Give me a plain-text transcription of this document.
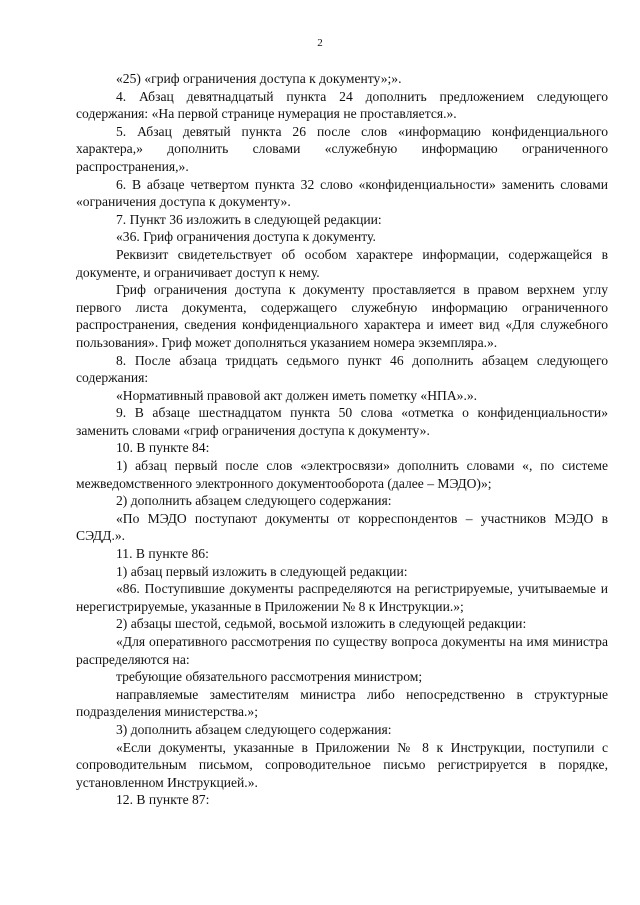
2

«25) «гриф ограничения доступа к документу»;».

4. Абзац девятнадцатый пункта 24 дополнить предложением следующего содержания: «На первой странице нумерация не проставляется.».

5. Абзац девятый пункта 26 после слов «информацию конфиденциального характера,» дополнить словами «служебную информацию ограниченного распространения,».

6. В абзаце четвертом пункта 32 слово «конфиденциальности» заменить словами «ограничения доступа к документу».

7. Пункт 36 изложить в следующей редакции:

«36. Гриф ограничения доступа к документу.

Реквизит свидетельствует об особом характере информации, содержащейся в документе, и ограничивает доступ к нему.

Гриф ограничения доступа к документу проставляется в правом верхнем углу первого листа документа, содержащего служебную информацию ограниченного распространения, сведения конфиденциального характера и имеет вид «Для служебного пользования». Гриф может дополняться указанием номера экземпляра.».

8. После абзаца тридцать седьмого пункт 46 дополнить абзацем следующего содержания:

«Нормативный правовой акт должен иметь пометку «НПА».».

9. В абзаце шестнадцатом пункта 50 слова «отметка о конфиденциальности» заменить словами «гриф ограничения доступа к документу».

10. В пункте 84:

1) абзац первый после слов «электросвязи» дополнить словами «, по системе межведомственного электронного документооборота (далее – МЭДО)»;

2) дополнить абзацем следующего содержания:

«По МЭДО поступают документы от корреспондентов – участников МЭДО в СЭДД.».

11. В пункте 86:

1) абзац первый изложить в следующей редакции:

«86. Поступившие документы распределяются на регистрируемые, учитываемые и нерегистрируемые, указанные в Приложении № 8 к Инструкции.»;

2) абзацы шестой, седьмой, восьмой изложить в следующей редакции:

«Для оперативного рассмотрения по существу вопроса документы на имя министра распределяются на:

требующие обязательного рассмотрения министром;

направляемые заместителям министра либо непосредственно в структурные подразделения министерства.»;

3) дополнить абзацем следующего содержания:

«Если документы, указанные в Приложении № 8 к Инструкции, поступили с сопроводительным письмом, сопроводительное письмо регистрируется в порядке, установленном Инструкцией.».

12. В пункте 87:
